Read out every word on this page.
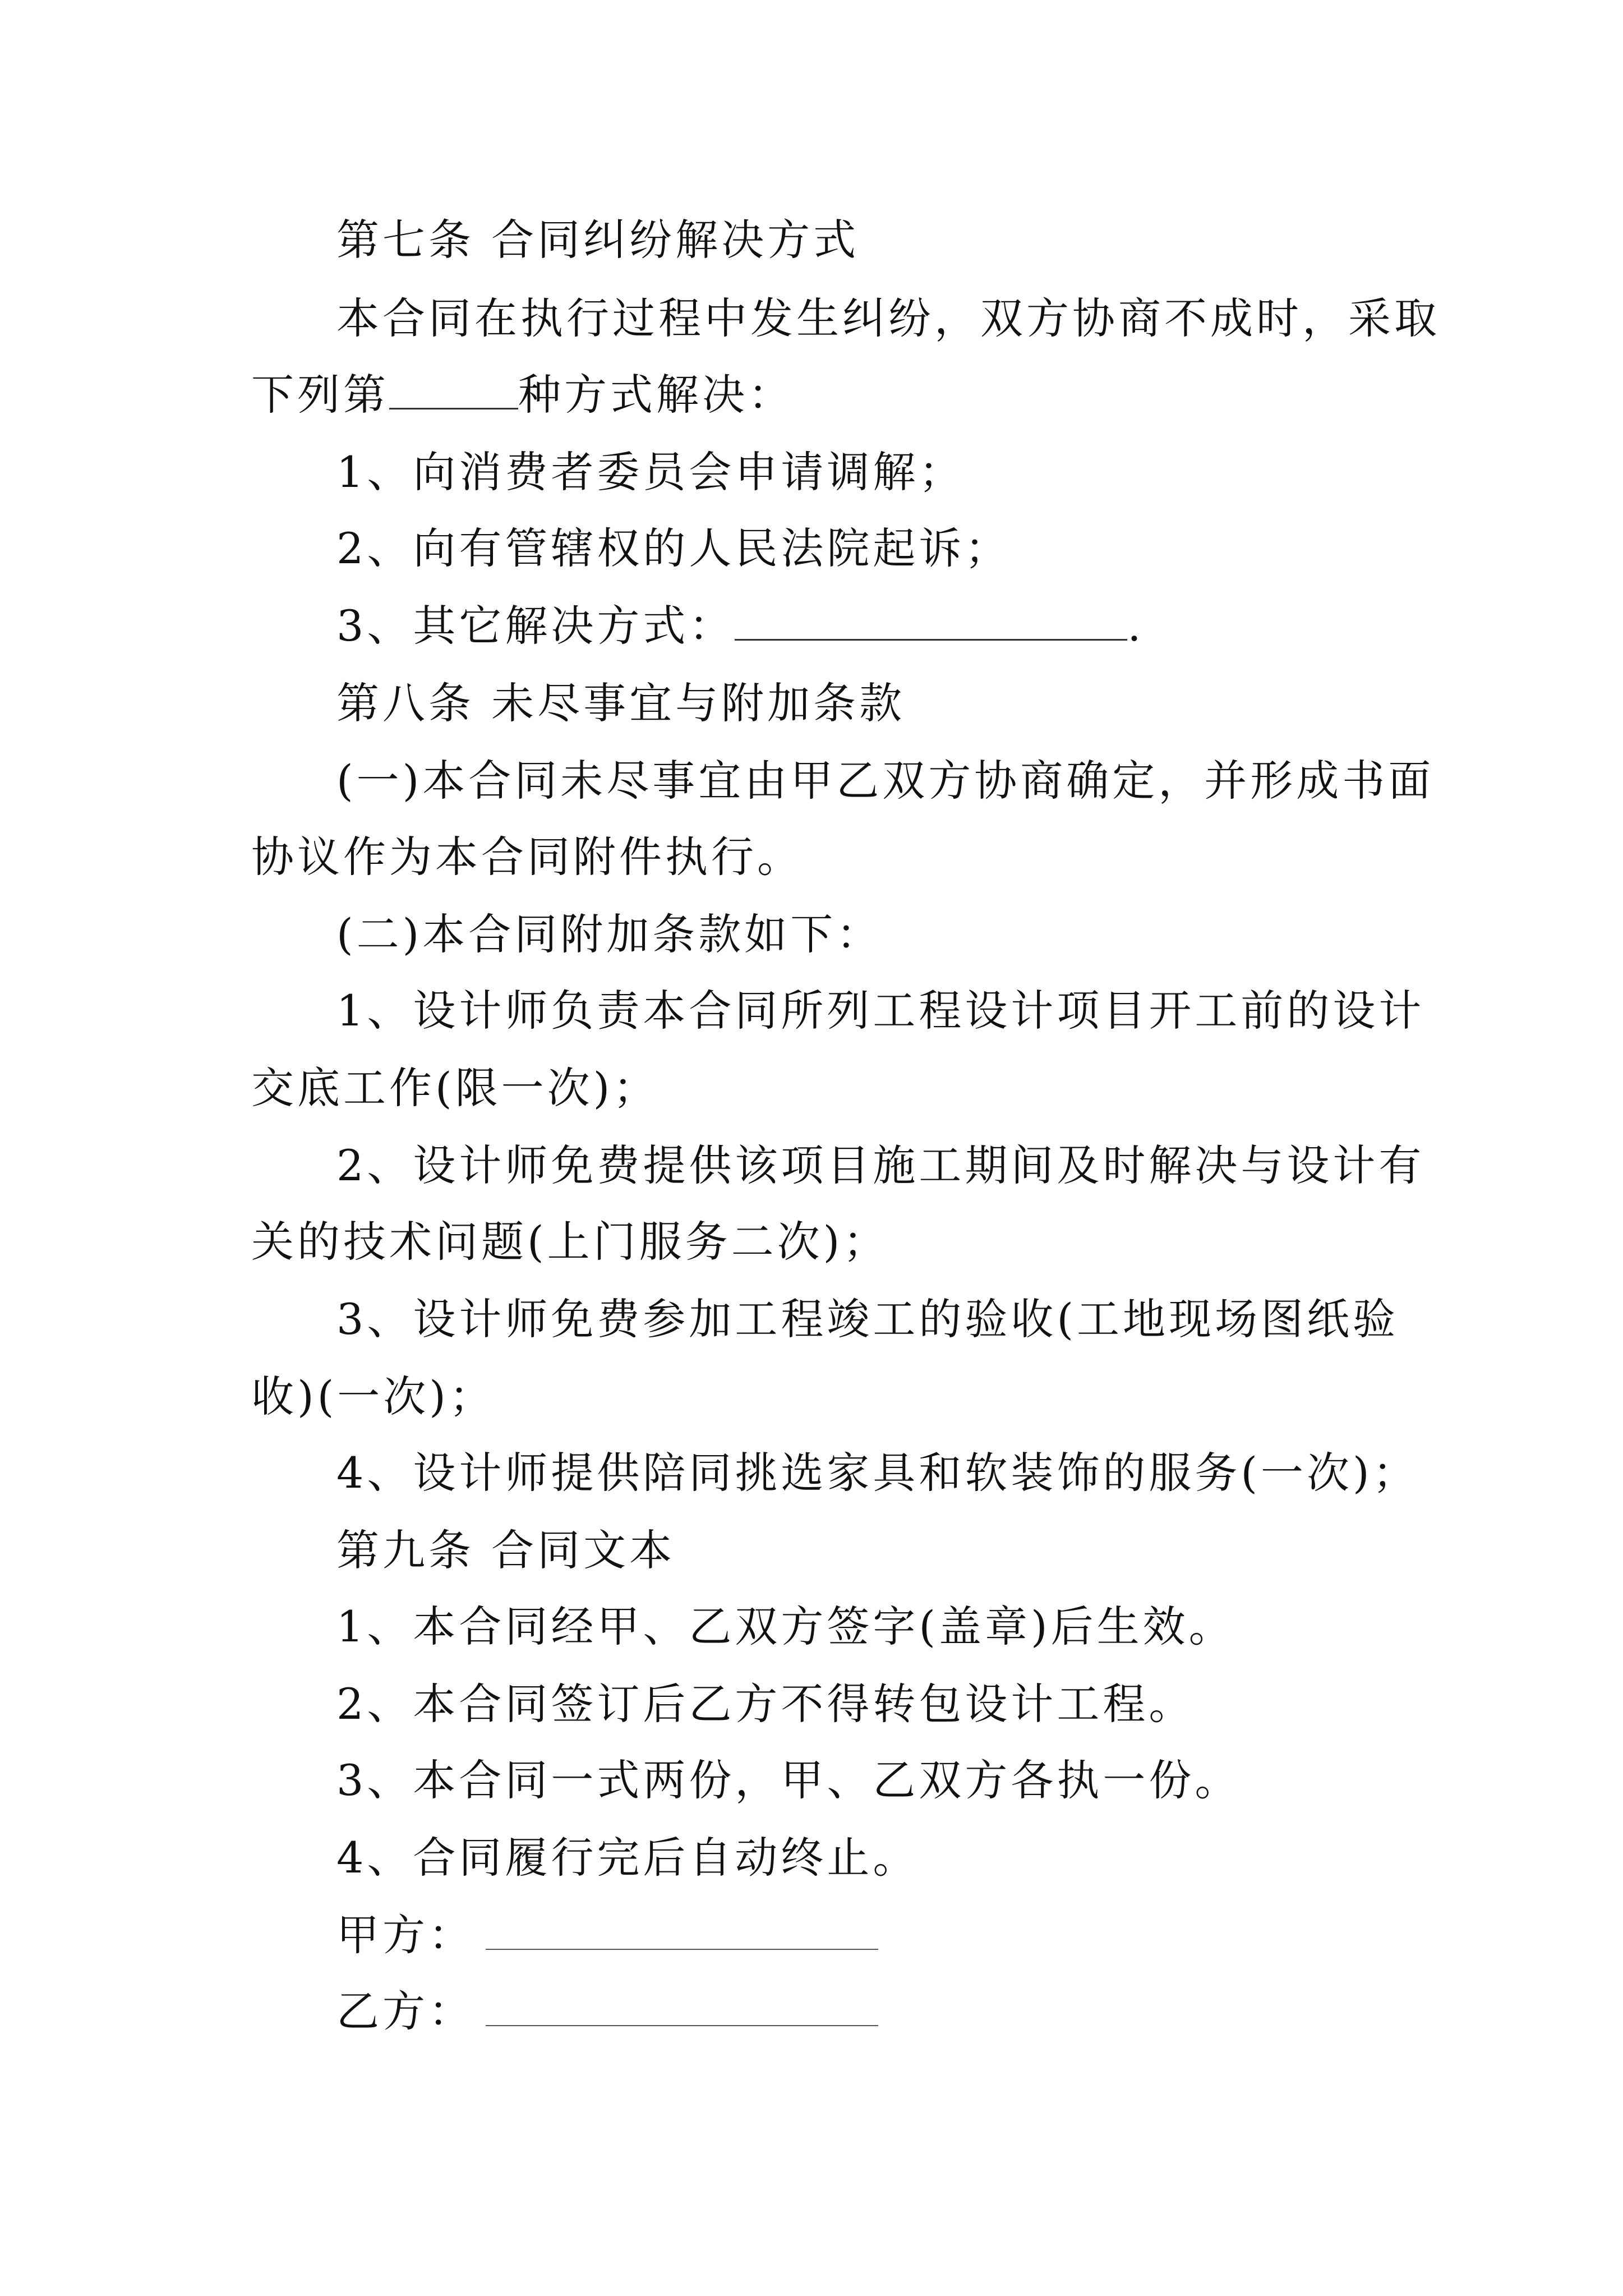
第七条 合同纠纷解决方式
本合同在执行过程中发生纠纷，双方协商不成时，采取
下列第	种方式解决：
1、向消费者委员会申请调解；
2、向有管辖权的人民法院起诉；
3、其它解决方式：	.
第八条 未尽事宜与附加条款
(一)本合同未尽事宜由甲乙双方协商确定，并形成书面
协议作为本合同附件执行。
(二)本合同附加条款如下：
1、设计师负责本合同所列工程设计项目开工前的设计
交底工作(限一次)；
2、设计师免费提供该项目施工期间及时解决与设计有
关的技术问题(上门服务二次)；
3、设计师免费参加工程竣工的验收(工地现场图纸验
收)(一次)；
4、设计师提供陪同挑选家具和软装饰的服务(一次)；
第九条 合同文本
1、本合同经甲、乙双方签字(盖章)后生效。
2、本合同签订后乙方不得转包设计工程。
3、本合同一式两份，甲、乙双方各执一份。
4、合同履行完后自动终止。
甲方：
乙方：
